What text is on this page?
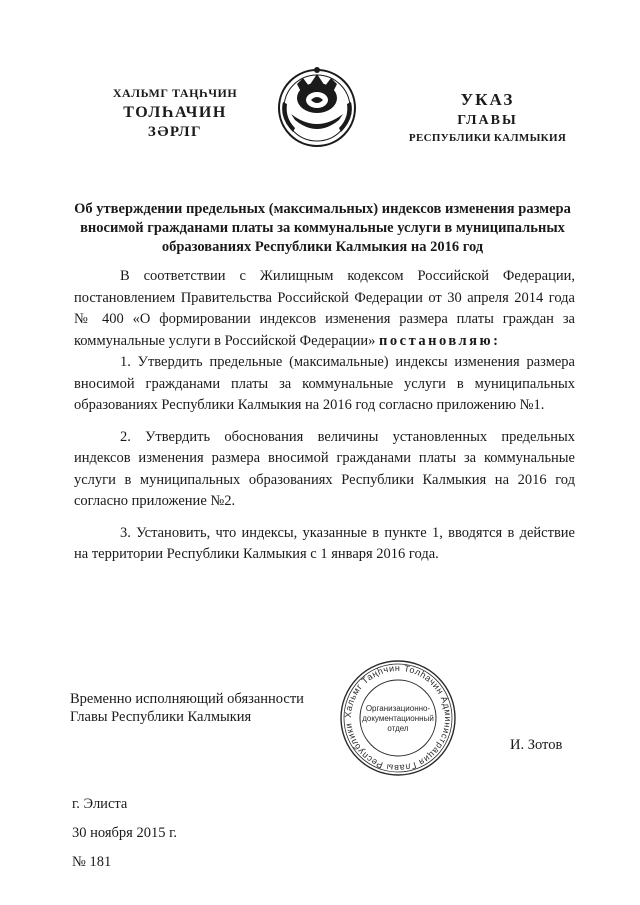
ХАЛЬМГ ТАҢҺЧИН
ТОЛҺАЧИН
ЗӘРЛГ
УКАЗ
ГЛАВЫ
РЕСПУБЛИКИ КАЛМЫКИЯ
Об утверждении предельных (максимальных) индексов изменения размера вносимой гражданами платы за коммунальные услуги в муниципальных образованиях Республики Калмыкия на 2016 год

В соответствии с Жилищным кодексом Российской Федерации, постановлением Правительства Российской Федерации от 30 апреля 2014 года № 400 «О формировании индексов изменения размера платы граждан за коммунальные услуги в Российской Федерации» постановляю:

1. Утвердить предельные (максимальные) индексы изменения размера вносимой гражданами платы за коммунальные услуги в муниципальных образованиях Республики Калмыкия на 2016 год согласно приложению №1.

2. Утвердить обоснования величины установленных предельных индексов изменения размера вносимой гражданами платы за коммунальные услуги в муниципальных образованиях Республики Калмыкия на 2016 год согласно приложение №2.

3. Установить, что индексы, указанные в пункте 1, вводятся в действие на территории Республики Калмыкия с 1 января 2016 года.

Временно исполняющий обязанности
Главы Республики Калмыкия	Хальмг Таңһчин Толһачин Администрация Главы Республики
Организационно-
документационный
отдел
И. Зотов
г. Элиста
30 ноября 2015 г.
№ 181
